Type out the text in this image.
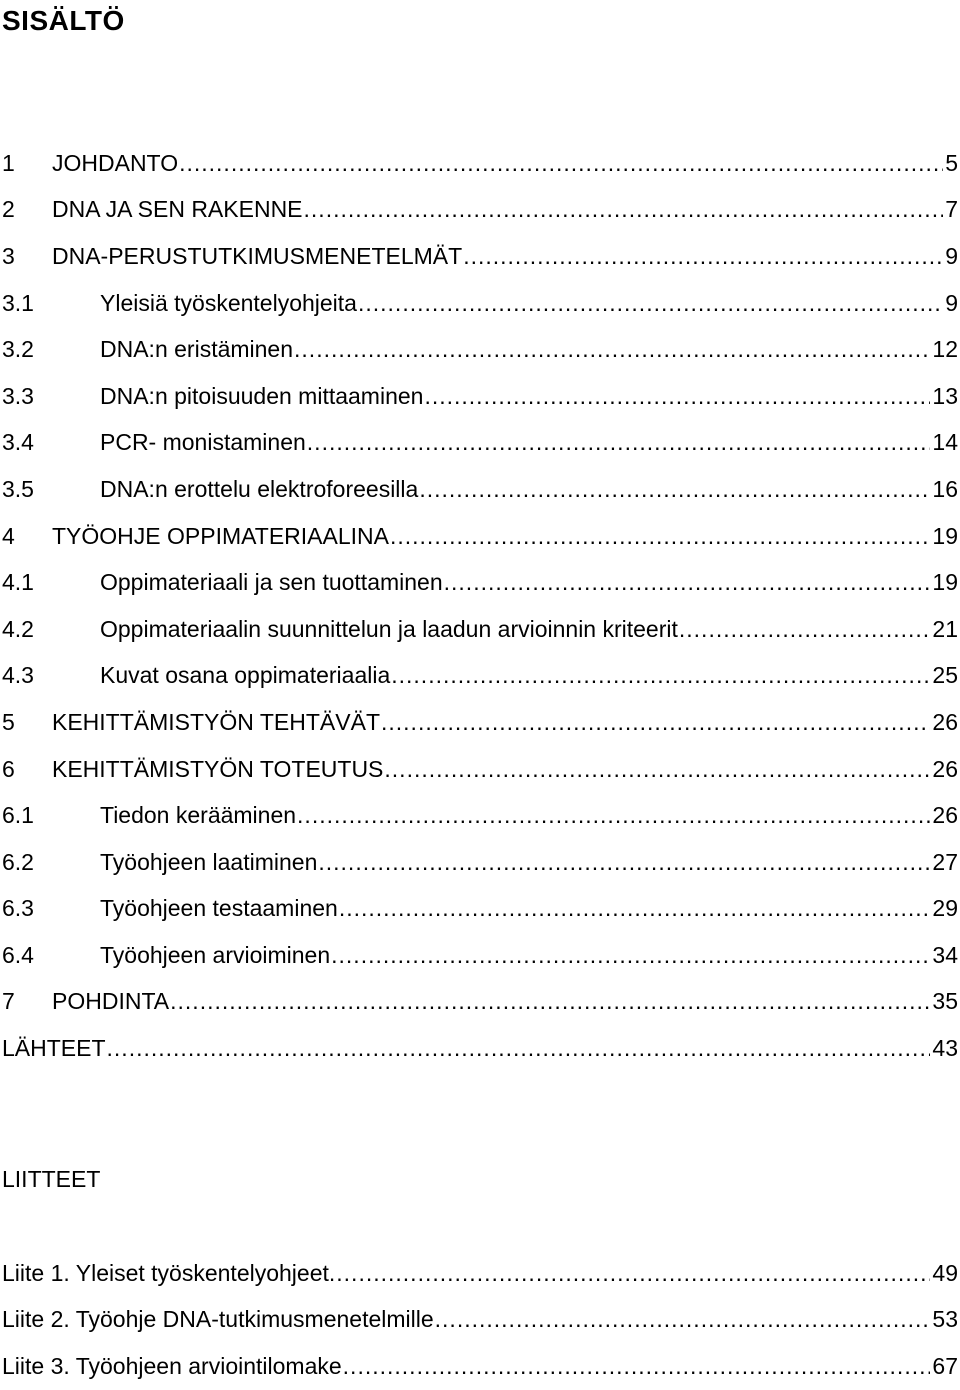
SISÄLTÖ
1	JOHDANTO .....	5
2	DNA JA SEN RAKENNE .....	7
3	DNA-PERUSTUTKIMUSMENETELMÄT .....	9
3.1	Yleisiä työskentelyohjeita .....	9
3.2	DNA:n eristäminen .....	12
3.3	DNA:n pitoisuuden mittaaminen .....	13
3.4	PCR- monistaminen .....	14
3.5	DNA:n erottelu elektroforeesilla .....	16
4	TYÖOHJE OPPIMATERIAALINA .....	19
4.1	Oppimateriaali ja sen tuottaminen .....	19
4.2	Oppimateriaalin suunnittelun ja laadun arvioinnin kriteerit .....	21
4.3	Kuvat osana oppimateriaalia .....	25
5	KEHITTÄMISTYÖN TEHTÄVÄT .....	26
6	KEHITTÄMISTYÖN TOTEUTUS .....	26
6.1	Tiedon kerääminen .....	26
6.2	Työohjeen laatiminen .....	27
6.3	Työohjeen testaaminen .....	29
6.4	Työohjeen arvioiminen .....	34
7	POHDINTA .....	35
LÄHTEET .....	43
LIITTEET
Liite 1. Yleiset työskentelyohjeet. .....	49
Liite 2. Työohje DNA-tutkimusmenetelmille .....	53
Liite 3. Työohjeen arviointilomake .....	67
